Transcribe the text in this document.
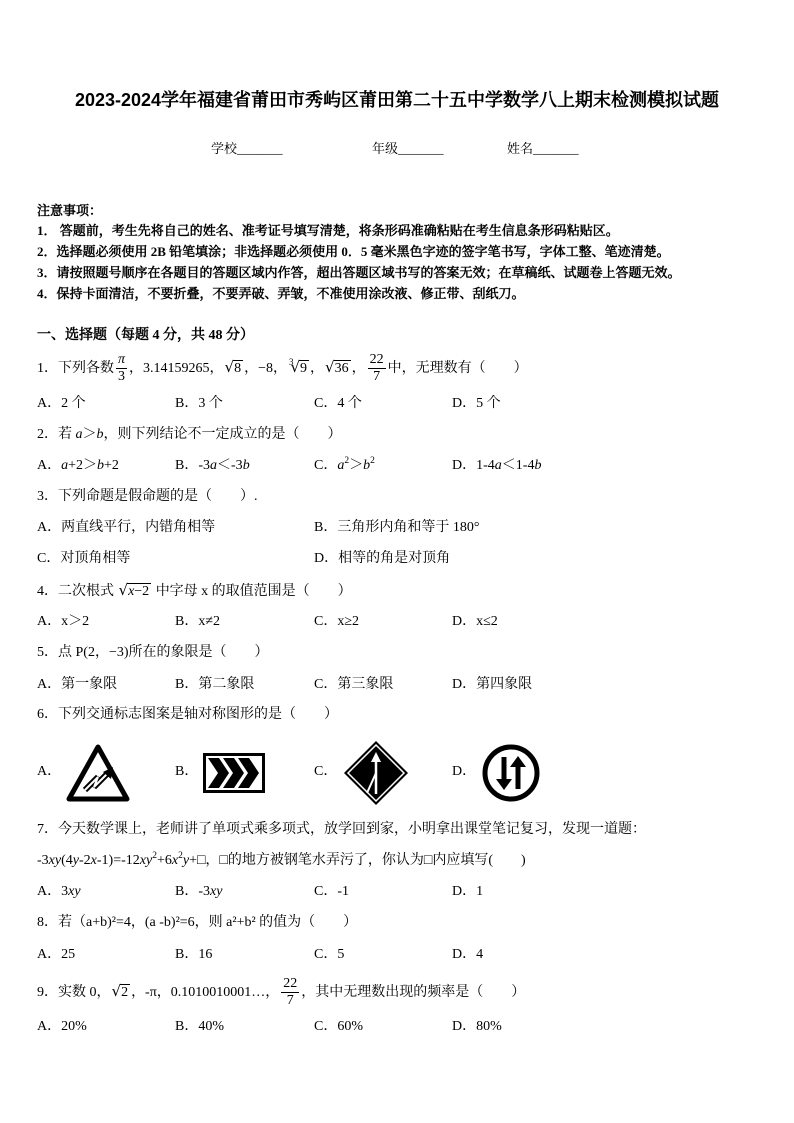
2023-2024学年福建省莆田市秀屿区莆田第二十五中学数学八上期末检测模拟试题
学校_______	年级_______	姓名_______
注意事项：
1． 答题前，考生先将自己的姓名、准考证号填写清楚，将条形码准确粘贴在考生信息条形码粘贴区。
2．选择题必须使用 2B 铅笔填涂；非选择题必须使用 0．5 毫米黑色字迹的签字笔书写，字体工整、笔迹清楚。
3．请按照题号顺序在各题目的答题区域内作答，超出答题区域书写的答案无效；在草稿纸、试题卷上答题无效。
4．保持卡面清洁，不要折叠，不要弄破、弄皱，不准使用涂改液、修正带、刮纸刀。
一、选择题（每题 4 分，共 48 分）
1．下列各数 $\frac{\pi}{3}$ ，3.14159265， √ 8 ，−8， $^3$ √ 9 ， √ 36 ， $\frac{22}{7}$ 中，无理数有（　　）
A．2 个	B．3 个	C．4 个	D．5 个
2．若 a＞b，则下列结论不一定成立的是（　　）
A．a+2＞b+2	B．-3a＜-3b	C．$a^2>b^2$	D．1-4a＜1-4b
3．下列命题是假命题的是（　　）.
A．两直线平行，内错角相等	B．三角形内角和等于 180°
C．对顶角相等	D．相等的角是对顶角
4．二次根式 √ x−2 中字母 x 的取值范围是（　　）
A．x＞2	B．x≠2	C．x≥2	D．x≤2
5．点 P(2，−3)所在的象限是（　　）
A．第一象限	B．第二象限	C．第三象限	D．第四象限
6．下列交通标志图案是轴对称图形的是（　　）
A．	B．	C．	D．
7．今天数学课上，老师讲了单项式乘多项式，放学回到家，小明拿出课堂笔记复习，发现一道题：
$-3xy(4y-2x-1)=-12xy^2+6x^2y+□$，□的地方被钢笔水弄污了，你认为□内应填写(　　)
A．3xy	B．-3xy	C．-1	D．1
8．若（a+b)²=4，(a -b)²=6，则 a²+b² 的值为（　　）
A．25	B．16	C．5	D．4
9．实数 0， √ 2 ，-π，0.1010010001…， $\frac{22}{7}$ ，其中无理数出现的频率是（　　）
A．20%	B．40%	C．60%	D．80%
